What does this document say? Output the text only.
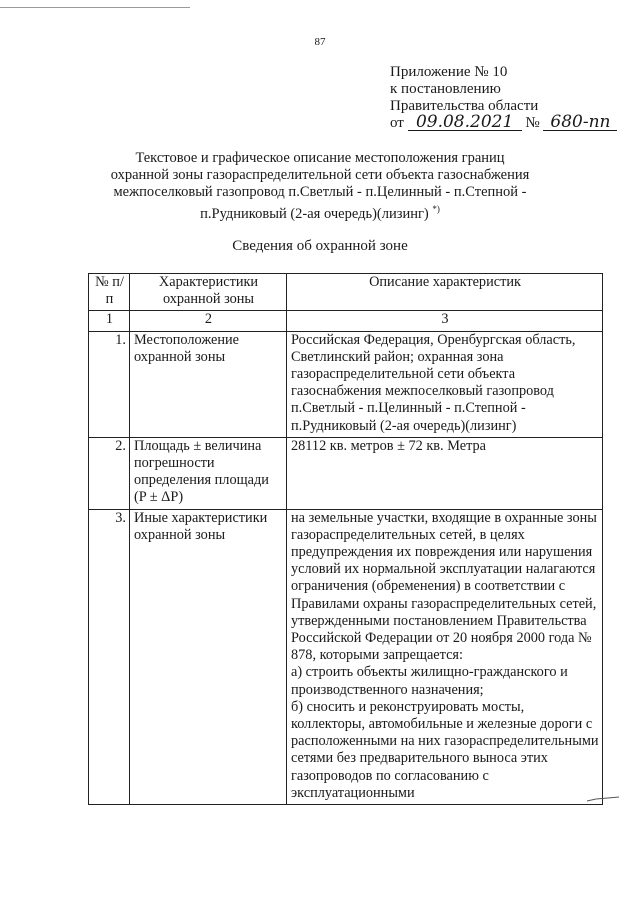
87
Приложение № 10
к постановлению
Правительства области
от 09.08.2021 № 680-пп
Текстовое и графическое описание местоположения границ
охранной зоны газораспределительной сети объекта газоснабжения
межпоселковый газопровод п.Светлый - п.Целинный - п.Степной -
п.Рудниковый (2-ая очередь)(лизинг) *)
Сведения об охранной зоне
№ п/п	Характеристики охранной зоны	Описание характеристик
1	2	3
1.	Местоположение охранной зоны	Российская Федерация, Оренбургская область, Светлинский район; охранная зона газораспределительной сети объекта газоснабжения межпоселковый газопровод п.Светлый - п.Целинный - п.Степной - п.Рудниковый (2-ая очередь)(лизинг)
2.	Площадь ± величина погрешности определения площади (P ± ΔP)	28112 кв. метров ± 72 кв. Метра
3.	Иные характеристики охранной зоны	на земельные участки, входящие в охранные зоны газораспределительных сетей, в целях предупреждения их повреждения или нарушения условий их нормальной эксплуатации налагаются ограничения (обременения) в соответствии с Правилами охраны газораспределительных сетей, утвержденными постановлением Правительства Российской Федерации от 20 ноября 2000 года № 878, которыми запрещается:
а) строить объекты жилищно-гражданского и производственного назначения;
б) сносить и реконструировать мосты, коллекторы, автомобильные и железные дороги с расположенными на них газораспределительными сетями без предварительного выноса этих газопроводов по согласованию с эксплуатационными
